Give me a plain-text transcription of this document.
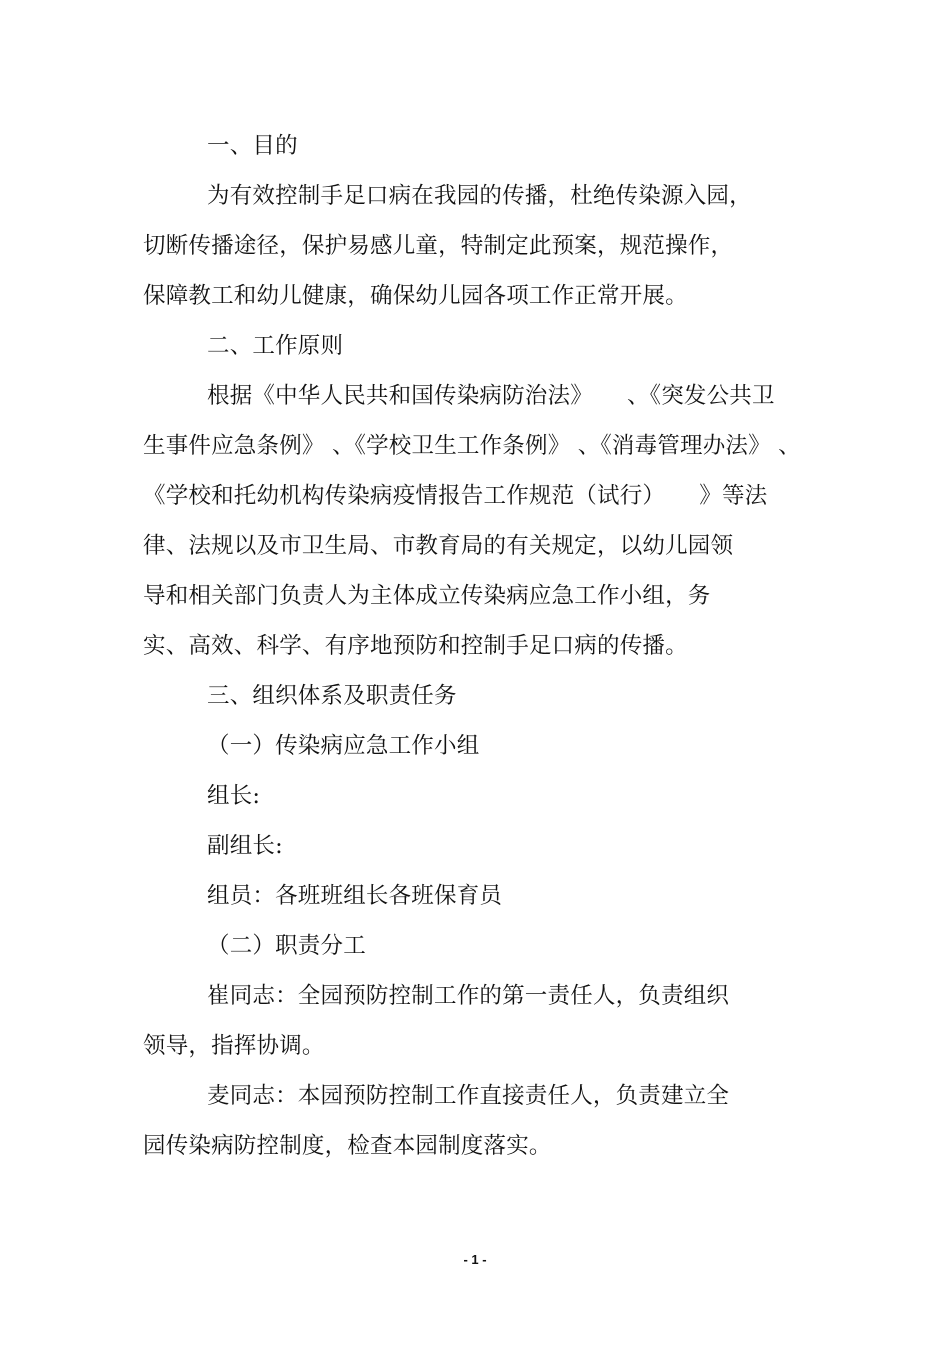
一、目的
为有效控制手足口病在我园的传播，杜绝传染源入园，
切断传播途径，保护易感儿童，特制定此预案，规范操作，
保障教工和幼儿健康，确保幼儿园各项工作正常开展。
二、工作原则
根据《中华人民共和国传染病防治法》　　、《突发公共卫
生事件应急条例》 、《学校卫生工作条例》 、《消毒管理办法》 、
《学校和托幼机构传染病疫情报告工作规范（试行）　　》等法
律、法规以及市卫生局、市教育局的有关规定，以幼儿园领
导和相关部门负责人为主体成立传染病应急工作小组，务
实、高效、科学、有序地预防和控制手足口病的传播。
三、组织体系及职责任务
（一）传染病应急工作小组
组长:
副组长:
组员：各班班组长各班保育员
（二）职责分工
崔同志：全园预防控制工作的第一责任人，负责组织
领导，指挥协调。
麦同志：本园预防控制工作直接责任人，负责建立全
园传染病防控制度，检查本园制度落实。
- 1 -
